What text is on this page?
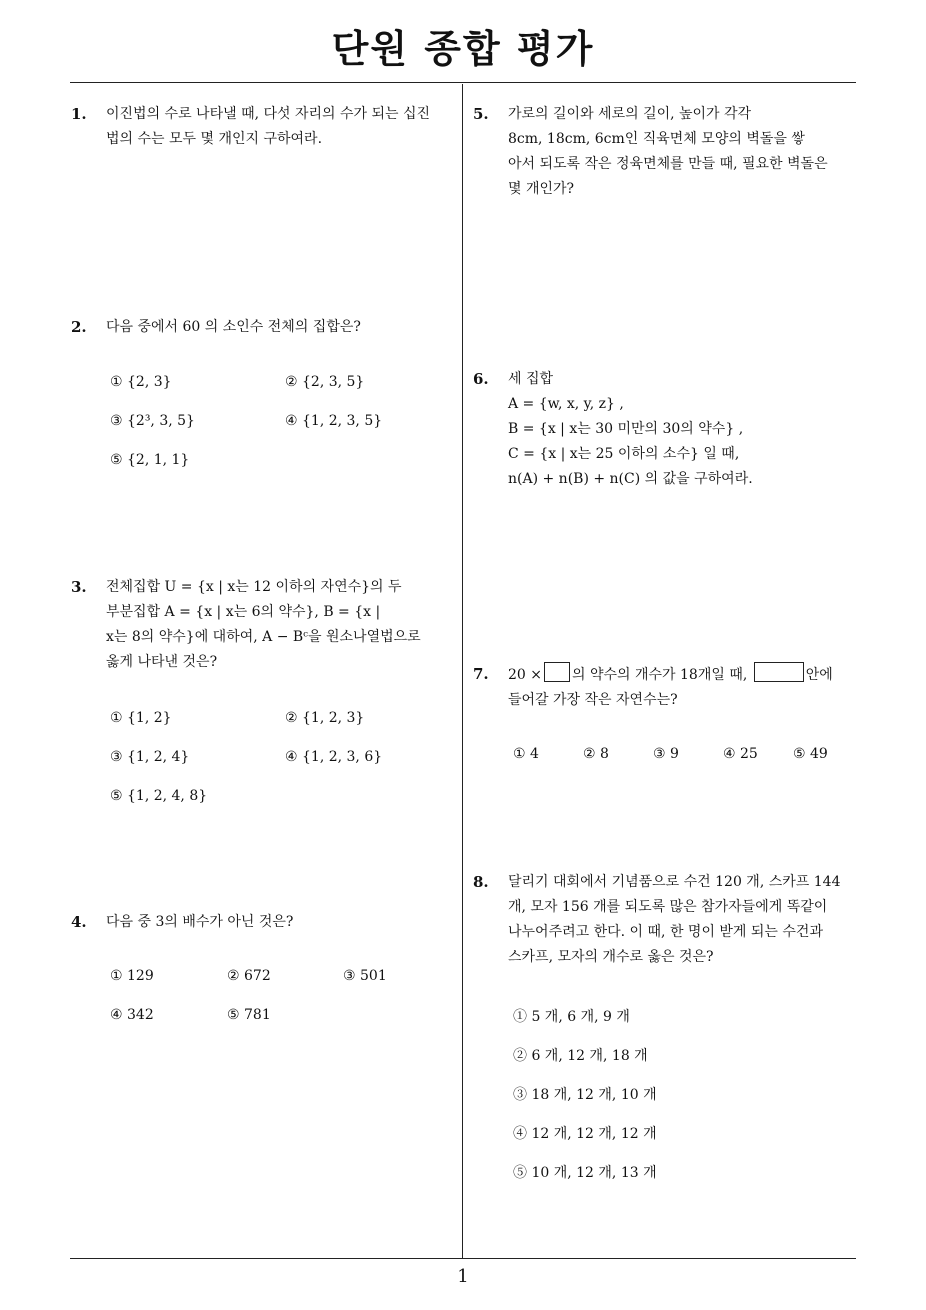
단원 종합 평가
1
1. 이진법의 수로 나타낼 때, 다섯 자리의 수가 되는 십진
법의 수는 모두 몇 개인지 구하여라.

2. 다음 중에서 60 의 소인수 전체의 집합은?

① {2, 3}	② {2, 3, 5}
③ {2³, 3, 5}	④ {1, 2, 3, 5}
⑤ {2, 1, 1}
3. 전체집합 U = {x | x는 12 이하의 자연수}의 두
부분집합 A = {x | x는 6의 약수}, B = {x |
x는 8의 약수}에 대하여, A − Bᶜ을 원소나열법으로
옳게 나타낸 것은?

① {1, 2}	② {1, 2, 3}
③ {1, 2, 4}	④ {1, 2, 3, 6}
⑤ {1, 2, 4, 8}
4. 다음 중 3의 배수가 아닌 것은?

① 129	② 672	③ 501
④ 342	⑤ 781
5. 가로의 길이와 세로의 길이, 높이가 각각
8cm, 18cm, 6cm인 직육면체 모양의 벽돌을 쌓
아서 되도록 작은 정육면체를 만들 때, 필요한 벽돌은
몇 개인가?

6. 세 집합
A = {w, x, y, z} ,
B = {x | x는 30 미만의 30의 약수} ,
C = {x | x는 25 이하의 소수} 일 때,
n(A) + n(B) + n(C) 의 값을 구하여라.

7. 20 × 의 약수의 개수가 18개일 때,	안에
들어갈 가장 작은 자연수는?

① 4	② 8	③ 9	④ 25	⑤ 49
8. 달리기 대회에서 기념품으로 수건 120 개, 스카프 144
개, 모자 156 개를 되도록 많은 참가자들에게 똑같이
나누어주려고 한다. 이 때, 한 명이 받게 되는 수건과
스카프, 모자의 개수로 옳은 것은?

① 5 개, 6 개, 9 개
② 6 개, 12 개, 18 개
③ 18 개, 12 개, 10 개
④ 12 개, 12 개, 12 개
⑤ 10 개, 12 개, 13 개
